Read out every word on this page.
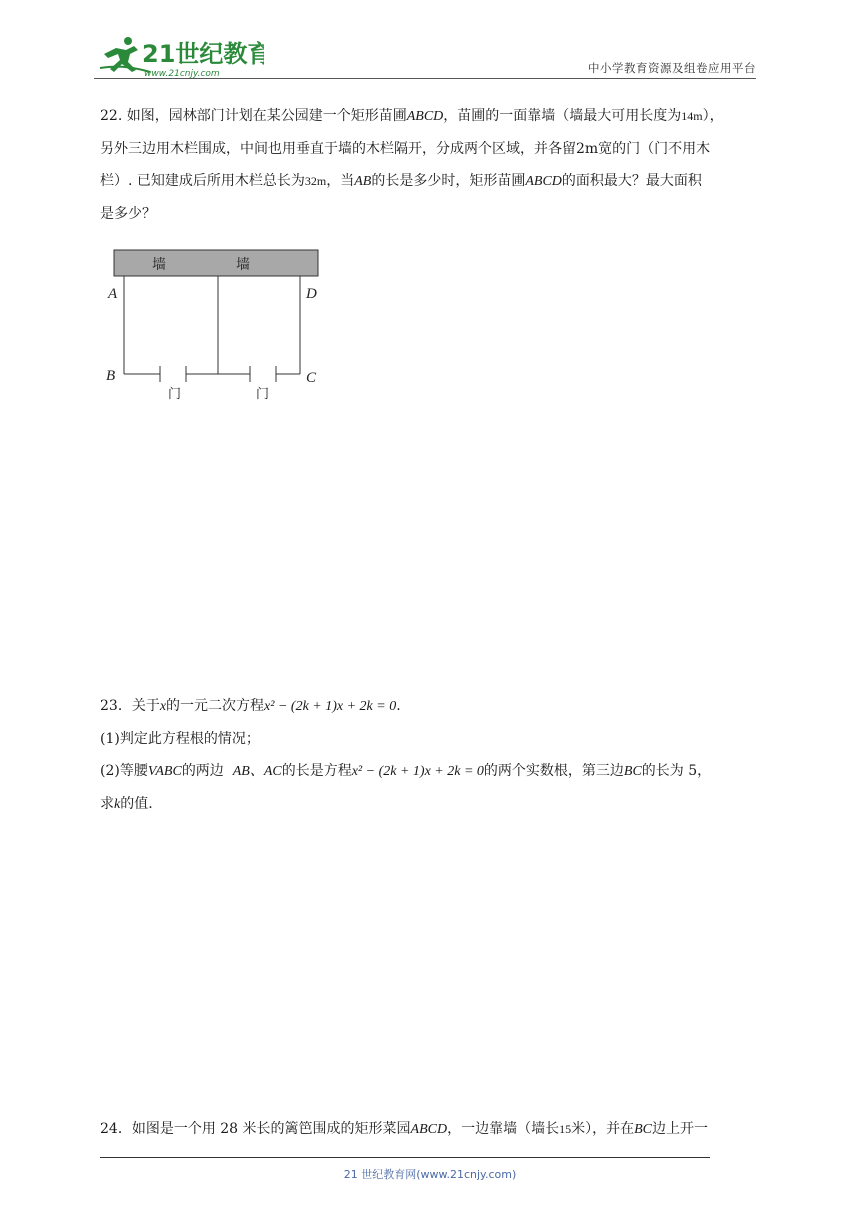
21世纪教育
www.21cnjy.com	中小学教育资源及组卷应用平台
22. 如图，园林部门计划在某公园建一个矩形苗圃ABCD，苗圃的一面靠墙（墙最大可用长度为14m），
另外三边用木栏围成，中间也用垂直于墙的木栏隔开，分成两个区域，并各留2m宽的门（门不用木
栏）. 已知建成后所用木栏总长为32m，当AB的长是多少时，矩形苗圃ABCD的面积最大？最大面积
是多少？
墙	墙
A	D
B	C
门	门
23．关于x的一元二次方程x² − (2k + 1)x + 2k = 0.
(1)判定此方程根的情况；
(2)等腰VABC的两边 AB、AC的长是方程x² − (2k + 1)x + 2k = 0的两个实数根，第三边BC的长为 5，
求k的值.
24．如图是一个用 28 米长的篱笆围成的矩形菜园ABCD，一边靠墙（墙长15米），并在BC边上开一
21 世纪教育网(www.21cnjy.com)
